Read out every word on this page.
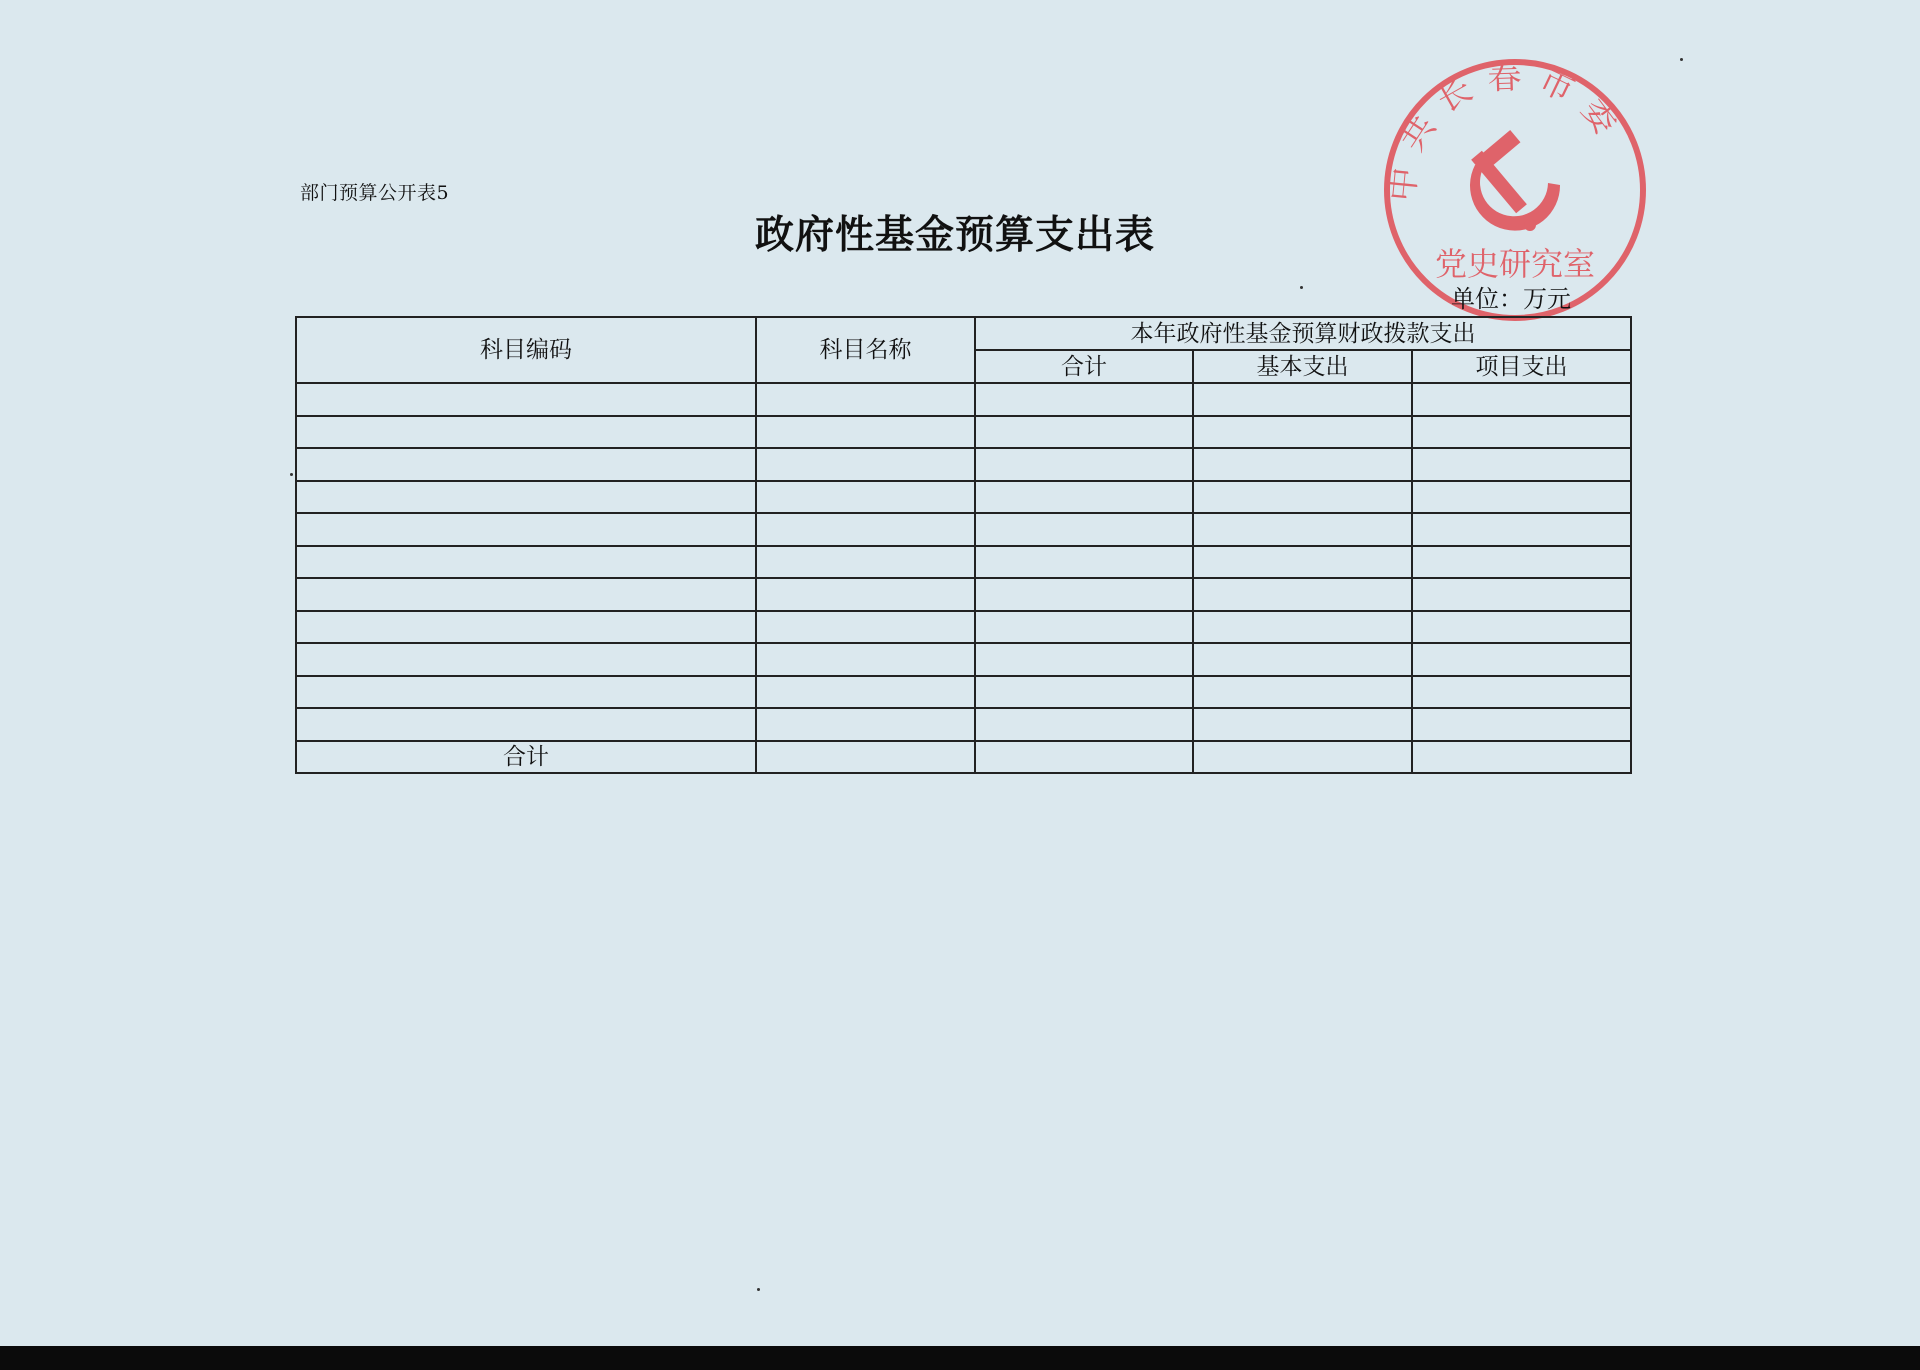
部门预算公开表5
政府性基金预算支出表
中共长春市委
党史研究室
单位：万元
科目编码	科目名称	本年政府性基金预算财政拨款支出		
		合计	基本支出	项目支出

合计				
